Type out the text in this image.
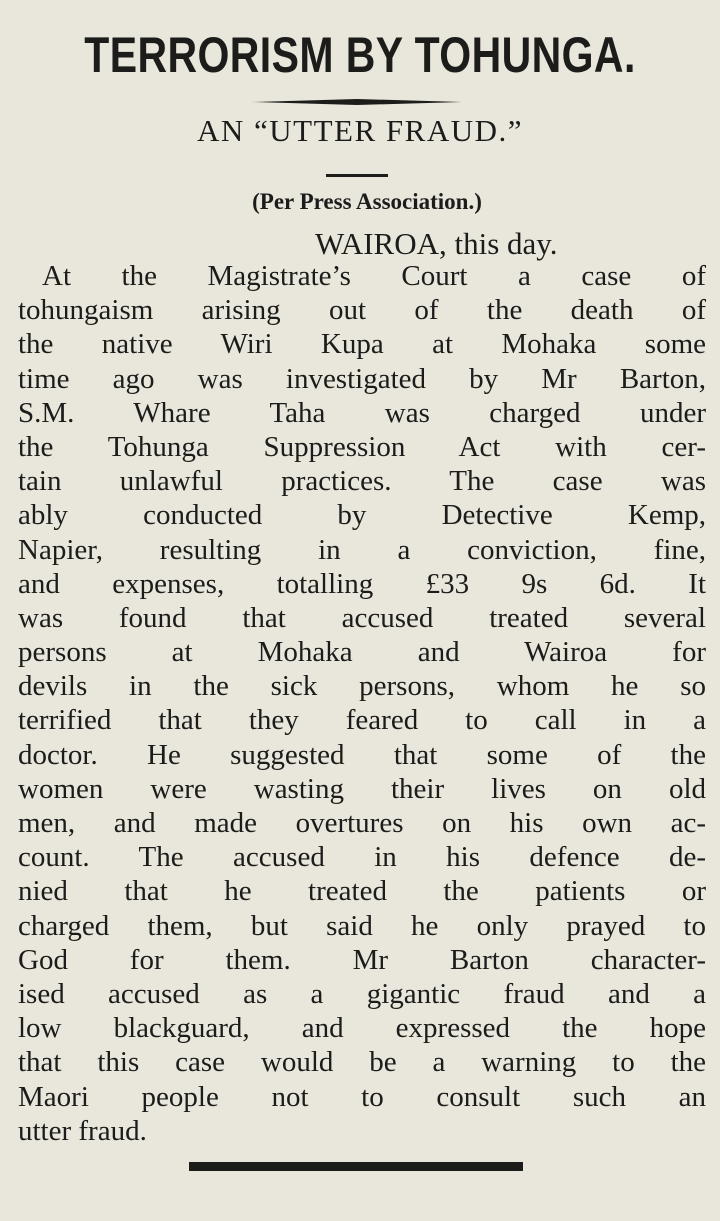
TERRORISM BY TOHUNGA.
AN “UTTER FRAUD.”
(Per Press Association.)
WAIROA, this day.
At the Magistrate’s Court a case of
tohungaism arising out of the death of
the native Wiri Kupa at Mohaka some
time ago was investigated by Mr Barton,
S.M. Whare Taha was charged under
the Tohunga Suppression Act with cer-
tain unlawful practices. The case was
ably conducted by Detective Kemp,
Napier, resulting in a conviction, fine,
and expenses, totalling £33 9s 6d. It
was found that accused treated several
persons at Mohaka and Wairoa for
devils in the sick persons, whom he so
terrified that they feared to call in a
doctor. He suggested that some of the
women were wasting their lives on old
men, and made overtures on his own ac-
count. The accused in his defence de-
nied that he treated the patients or
charged them, but said he only prayed to
God for them. Mr Barton character-
ised accused as a gigantic fraud and a
low blackguard, and expressed the hope
that this case would be a warning to the
Maori people not to consult such an
utter fraud.
